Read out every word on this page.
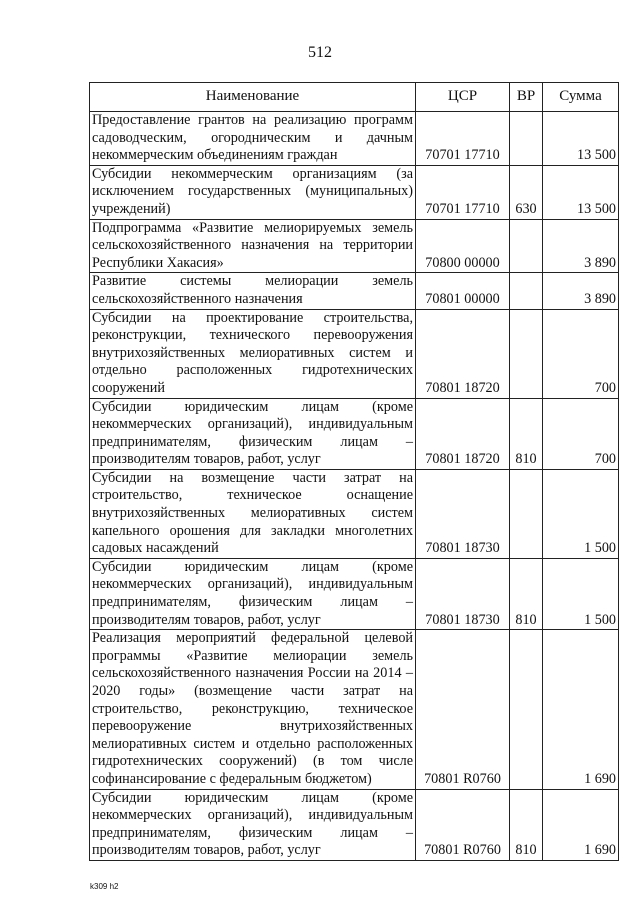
512
Наименование	ЦСР	ВР	Сумма
Предоставление грантов на реализацию программ садоводческим, огородническим и дачным некоммерческим объединениям граждан	70701 17710		13 500
Субсидии некоммерческим организациям (за исключением государственных (муниципальных) учреждений)	70701 17710	630	13 500
Подпрограмма «Развитие мелиорируемых земель сельскохозяйственного назначения на территории Республики Хакасия»	70800 00000		3 890
Развитие системы мелиорации земель сельскохозяйственного назначения	70801 00000		3 890
Субсидии на проектирование строительства, реконструкции, технического перевооружения внутрихозяйственных мелиоративных систем и отдельно расположенных гидротехнических сооружений	70801 18720		700
Субсидии юридическим лицам (кроме некоммерческих организаций), индивидуальным предпринимателям, физическим лицам – производителям товаров, работ, услуг	70801 18720	810	700
Субсидии на возмещение части затрат на строительство, техническое оснащение внутрихозяйственных мелиоративных систем капельного орошения для закладки многолетних садовых насаждений	70801 18730		1 500
Субсидии юридическим лицам (кроме некоммерческих организаций), индивидуальным предпринимателям, физическим лицам – производителям товаров, работ, услуг	70801 18730	810	1 500
Реализация мероприятий федеральной целевой программы «Развитие мелиорации земель сельскохозяйственного назначения России на 2014 – 2020 годы» (возмещение части затрат на строительство, реконструкцию, техническое перевооружение внутрихозяйственных мелиоративных систем и отдельно расположенных гидротехнических сооружений) (в том числе софинансирование с федеральным бюджетом)	70801 R0760		1 690
Субсидии юридическим лицам (кроме некоммерческих организаций), индивидуальным предпринимателям, физическим лицам – производителям товаров, работ, услуг	70801 R0760	810	1 690
k309 h2
